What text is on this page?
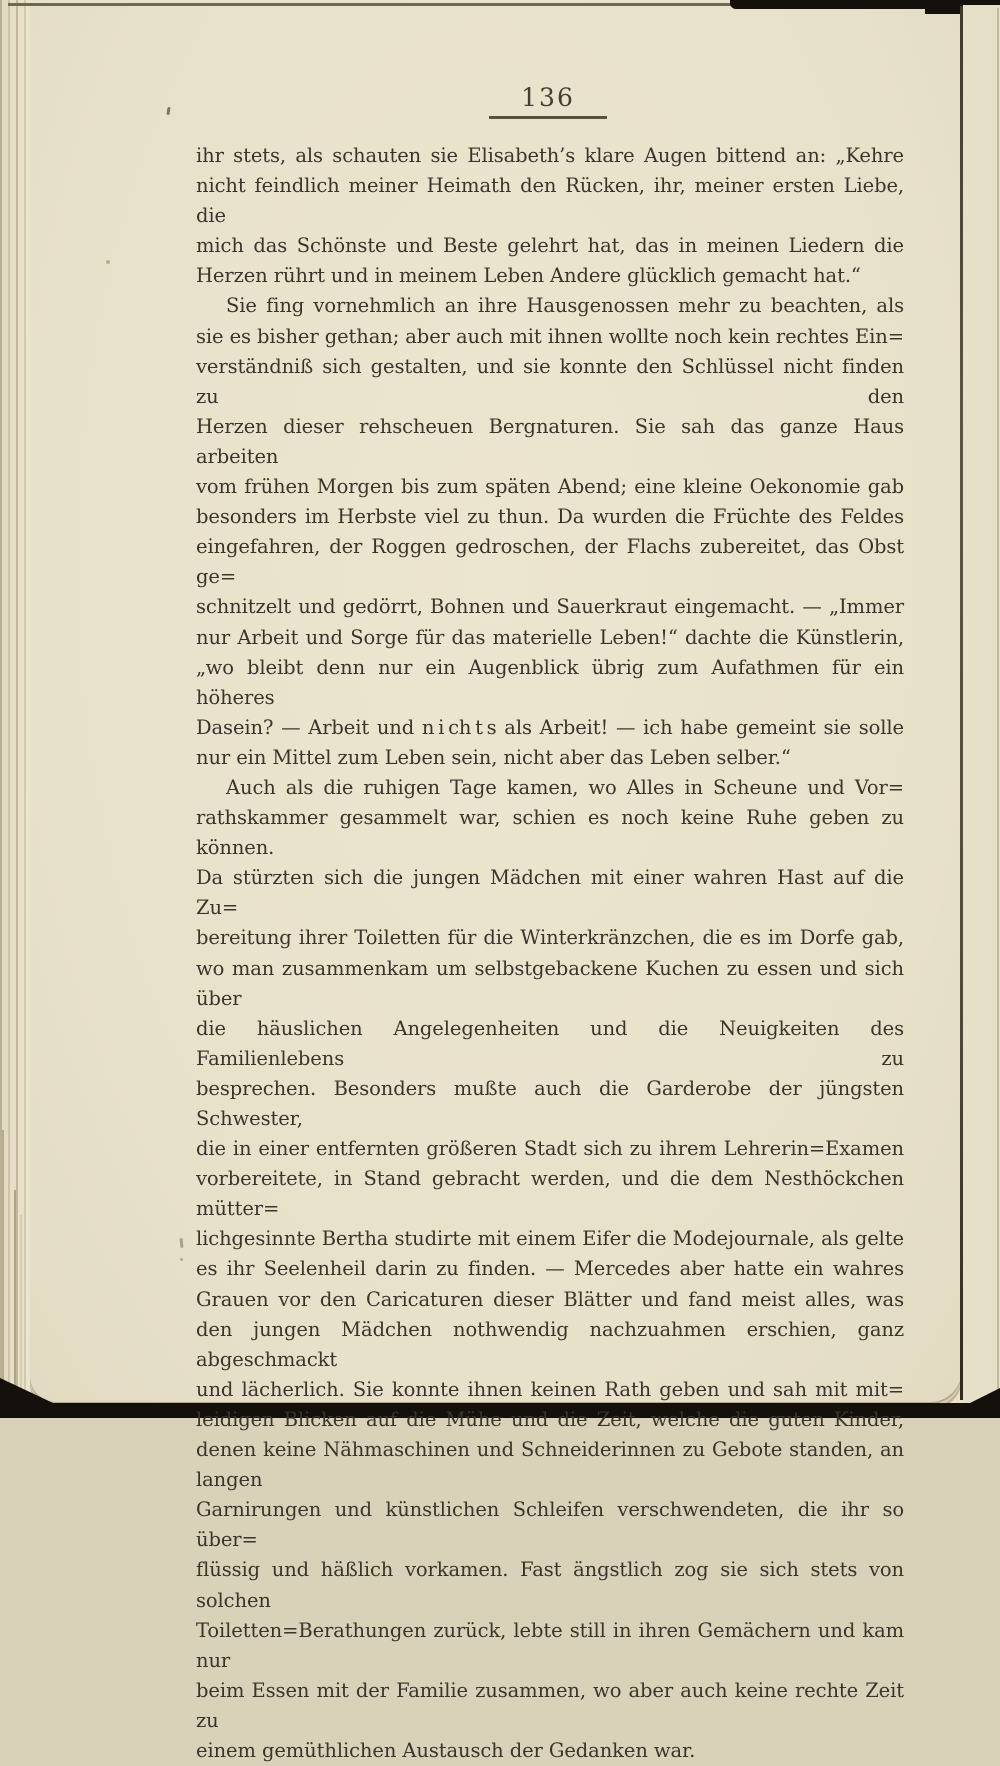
136
ihr stets, als schauten sie Elisabeth’s klare Augen bittend an: „Kehre
nicht feindlich meiner Heimath den Rücken, ihr, meiner ersten Liebe, die
mich das Schönste und Beste gelehrt hat, das in meinen Liedern die
Herzen rührt und in meinem Leben Andere glücklich gemacht hat.“
Sie fing vornehmlich an ihre Hausgenossen mehr zu beachten, als
sie es bisher gethan; aber auch mit ihnen wollte noch kein rechtes Ein=
verständniß sich gestalten, und sie konnte den Schlüssel nicht finden zu den
Herzen dieser rehscheuen Bergnaturen. Sie sah das ganze Haus arbeiten
vom frühen Morgen bis zum späten Abend; eine kleine Oekonomie gab
besonders im Herbste viel zu thun. Da wurden die Früchte des Feldes
eingefahren, der Roggen gedroschen, der Flachs zubereitet, das Obst ge=
schnitzelt und gedörrt, Bohnen und Sauerkraut eingemacht. — „Immer
nur Arbeit und Sorge für das materielle Leben!“ dachte die Künstlerin,
„wo bleibt denn nur ein Augenblick übrig zum Aufathmen für ein höheres
Dasein? — Arbeit und n i ch t s als Arbeit! — ich habe gemeint sie solle
nur ein Mittel zum Leben sein, nicht aber das Leben selber.“
Auch als die ruhigen Tage kamen, wo Alles in Scheune und Vor=
rathskammer gesammelt war, schien es noch keine Ruhe geben zu können.
Da stürzten sich die jungen Mädchen mit einer wahren Hast auf die Zu=
bereitung ihrer Toiletten für die Winterkränzchen, die es im Dorfe gab,
wo man zusammenkam um selbstgebackene Kuchen zu essen und sich über
die häuslichen Angelegenheiten und die Neuigkeiten des Familienlebens zu
besprechen. Besonders mußte auch die Garderobe der jüngsten Schwester,
die in einer entfernten größeren Stadt sich zu ihrem Lehrerin=Examen
vorbereitete, in Stand gebracht werden, und die dem Nesthöckchen mütter=
lichgesinnte Bertha studirte mit einem Eifer die Modejournale, als gelte
es ihr Seelenheil darin zu finden. — Mercedes aber hatte ein wahres
Grauen vor den Caricaturen dieser Blätter und fand meist alles, was
den jungen Mädchen nothwendig nachzuahmen erschien, ganz abgeschmackt
und lächerlich. Sie konnte ihnen keinen Rath geben und sah mit mit=
leidigen Blicken auf die Mühe und die Zeit, welche die guten Kinder,
denen keine Nähmaschinen und Schneiderinnen zu Gebote standen, an langen
Garnirungen und künstlichen Schleifen verschwendeten, die ihr so über=
flüssig und häßlich vorkamen. Fast ängstlich zog sie sich stets von solchen
Toiletten=Berathungen zurück, lebte still in ihren Gemächern und kam nur
beim Essen mit der Familie zusammen, wo aber auch keine rechte Zeit zu
einem gemüthlichen Austausch der Gedanken war.
